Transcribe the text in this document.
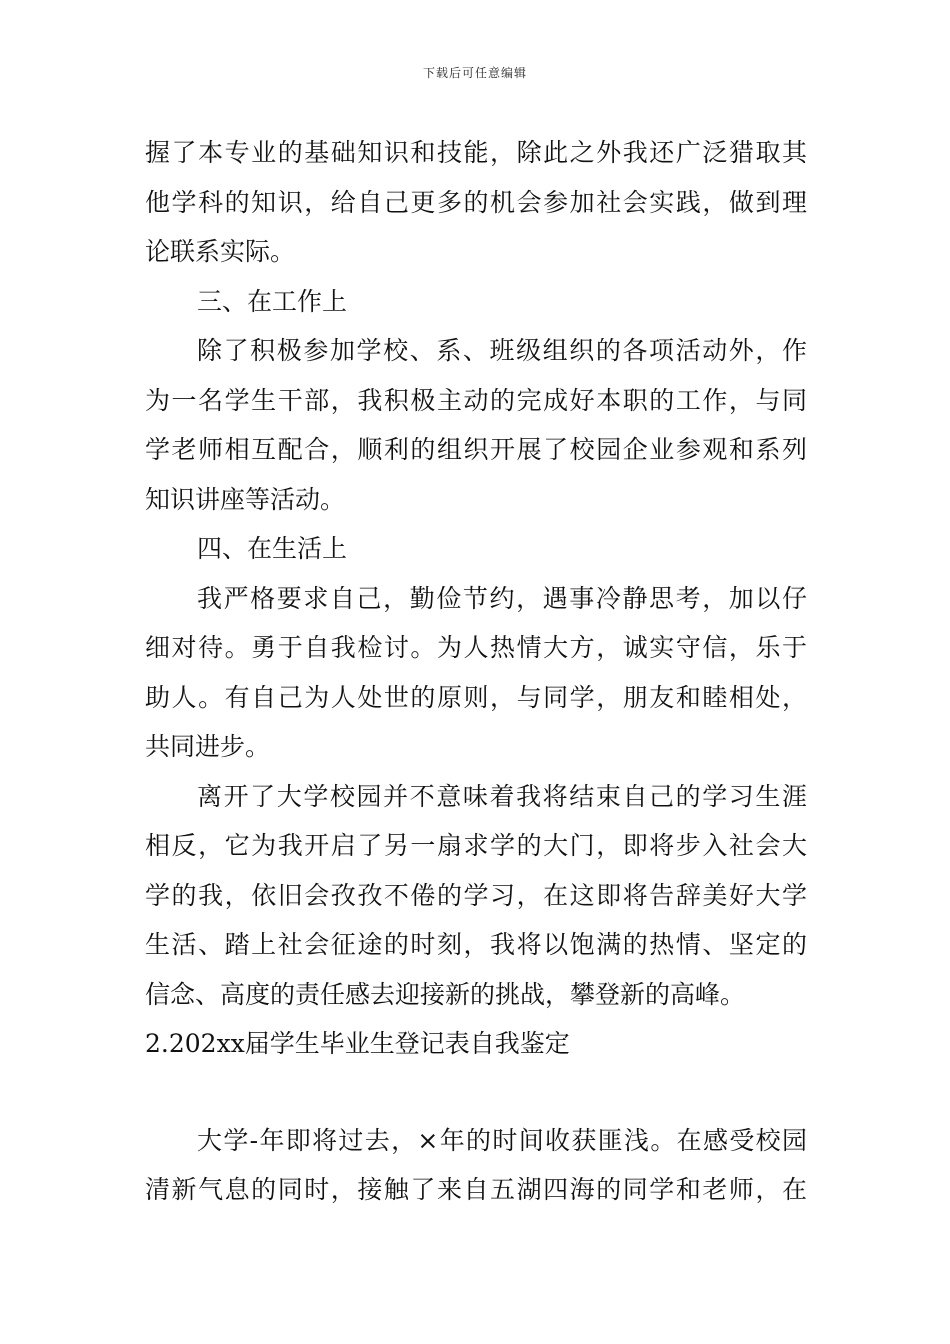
下载后可任意编辑
握了本专业的基础知识和技能，除此之外我还广泛猎取其
他学科的知识，给自己更多的机会参加社会实践，做到理
论联系实际。
三、在工作上
除了积极参加学校、系、班级组织的各项活动外，作
为一名学生干部，我积极主动的完成好本职的工作，与同
学老师相互配合，顺利的组织开展了校园企业参观和系列
知识讲座等活动。
四、在生活上
我严格要求自己，勤俭节约，遇事冷静思考，加以仔
细对待。勇于自我检讨。为人热情大方，诚实守信，乐于
助人。有自己为人处世的原则，与同学，朋友和睦相处，
共同进步。
离开了大学校园并不意味着我将结束自己的学习生涯
相反，它为我开启了另一扇求学的大门，即将步入社会大
学的我，依旧会孜孜不倦的学习，在这即将告辞美好大学
生活、踏上社会征途的时刻，我将以饱满的热情、坚定的
信念、高度的责任感去迎接新的挑战，攀登新的高峰。
2.202xx届学生毕业生登记表自我鉴定
大学-年即将过去，×年的时间收获匪浅。在感受校园
清新气息的同时，接触了来自五湖四海的同学和老师，在
